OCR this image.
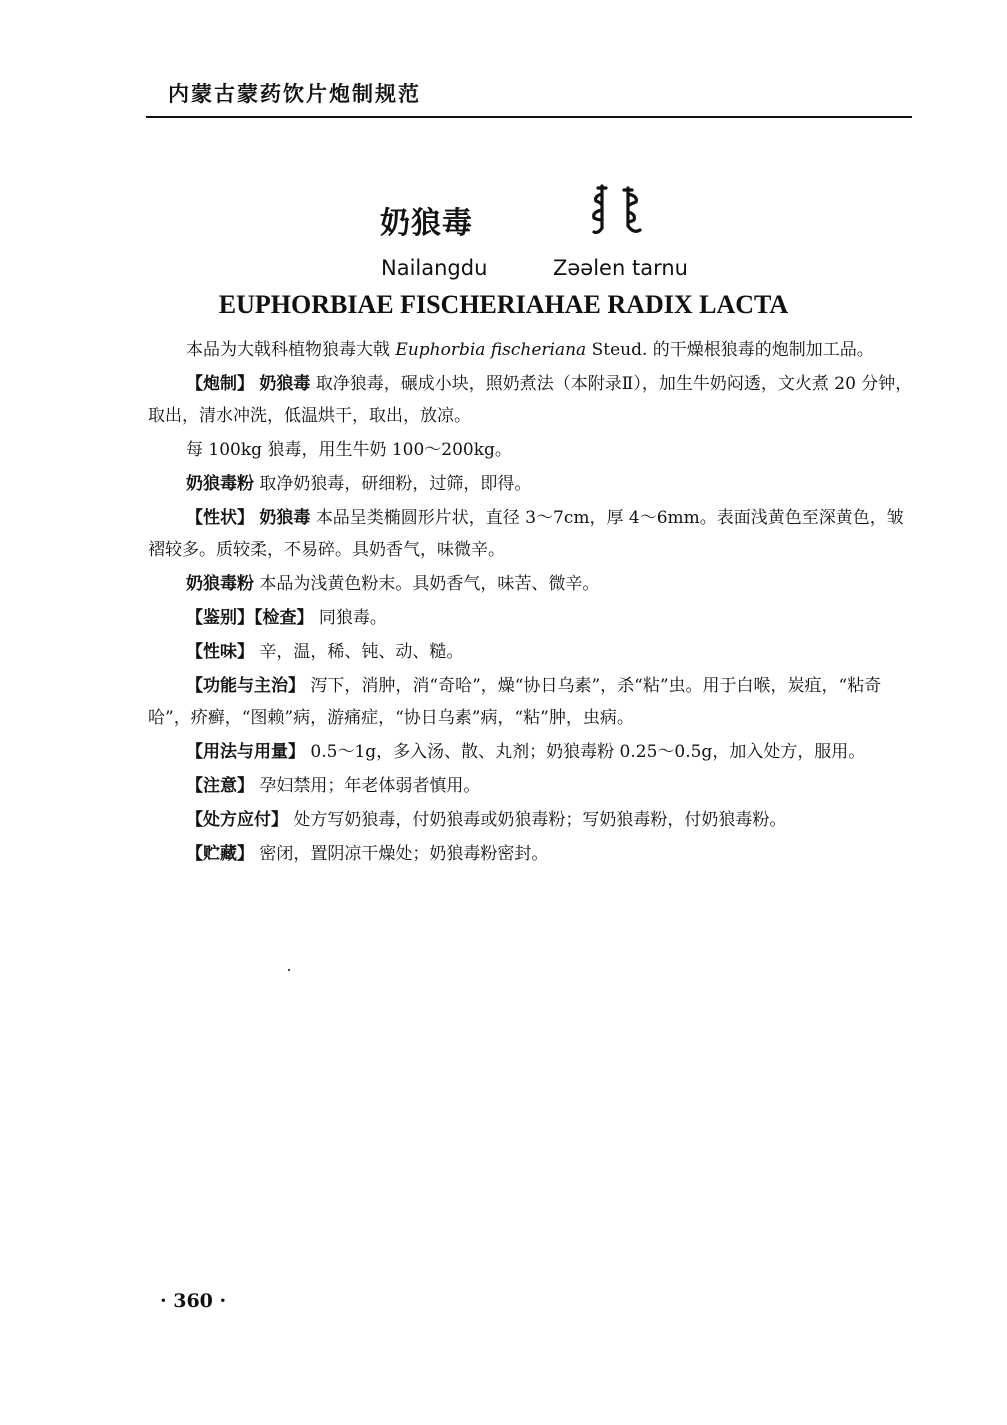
内蒙古蒙药饮片炮制规范
奶狼毒
Nailangdu	Zəəlen tarnu
EUPHORBIAE FISCHERIAHAE RADIX LACTA

本品为大戟科植物狼毒大戟 Euphorbia fischeriana Steud. 的干燥根狼毒的炮制加工品。

【炮制】 奶狼毒 取净狼毒，碾成小块，照奶煮法（本附录Ⅱ），加生牛奶闷透，文火煮 20 分钟，取出，清水冲洗，低温烘干，取出，放凉。

每 100kg 狼毒，用生牛奶 100～200kg。

奶狼毒粉 取净奶狼毒，研细粉，过筛，即得。

【性状】 奶狼毒 本品呈类椭圆形片状，直径 3～7cm，厚 4～6mm。表面浅黄色至深黄色，皱褶较多。质较柔，不易碎。具奶香气，味微辛。

奶狼毒粉 本品为浅黄色粉末。具奶香气，味苦、微辛。

【鉴别】【检查】 同狼毒。

【性味】 辛，温，稀、钝、动、糙。

【功能与主治】 泻下，消肿，消“奇哈”，燥“协日乌素”，杀“粘”虫。用于白喉，炭疽，“粘奇哈”，疥癣，“图赖”病，游痛症，“协日乌素”病，“粘”肿，虫病。

【用法与用量】 0.5～1g，多入汤、散、丸剂；奶狼毒粉 0.25～0.5g，加入处方，服用。

【注意】 孕妇禁用；年老体弱者慎用。

【处方应付】 处方写奶狼毒，付奶狼毒或奶狼毒粉；写奶狼毒粉，付奶狼毒粉。

【贮藏】 密闭，置阴凉干燥处；奶狼毒粉密封。

· 360 ·
